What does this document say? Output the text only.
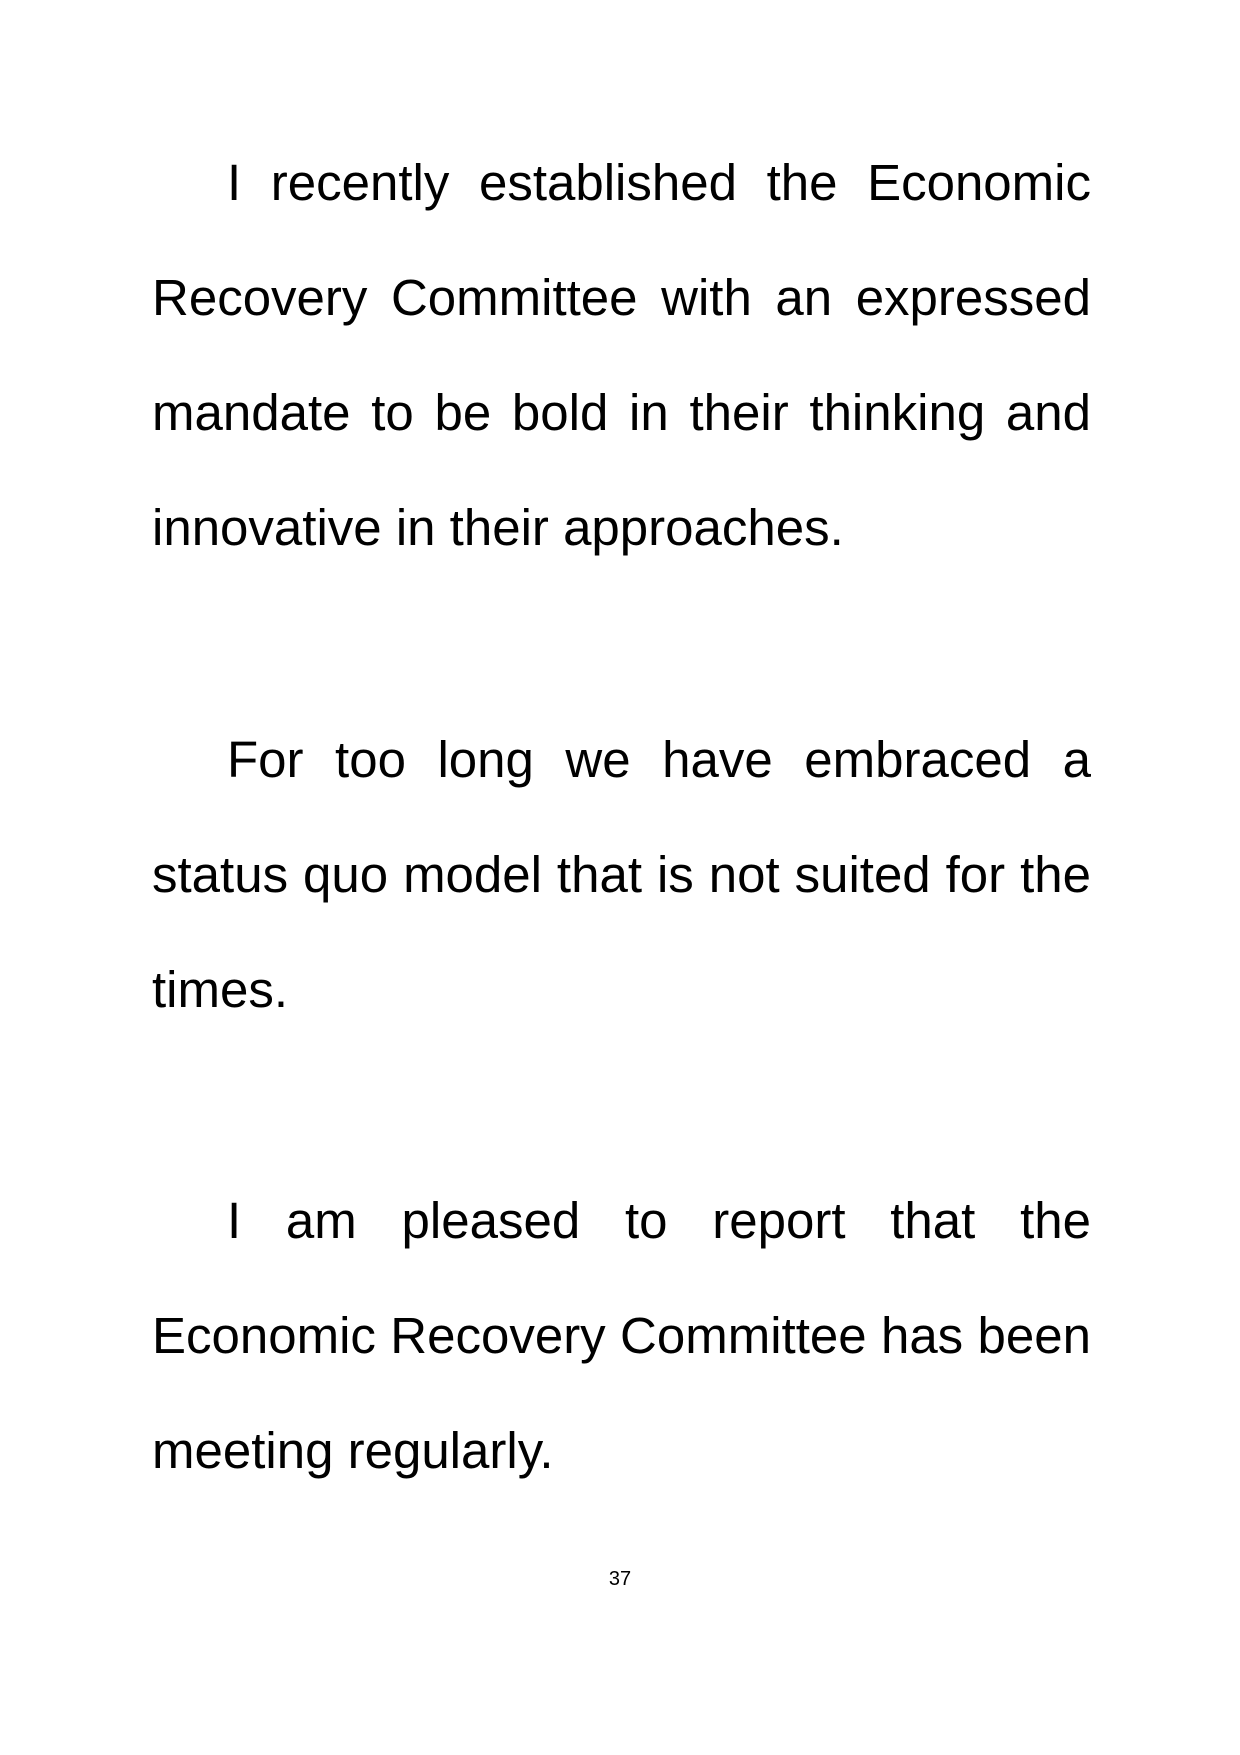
I recently established the Economic Recovery Committee with an expressed mandate to be bold in their thinking and innovative in their approaches.

For too long we have embraced a status quo model that is not suited for the times.

I am pleased to report that the Economic Recovery Committee has been meeting regularly.

37
